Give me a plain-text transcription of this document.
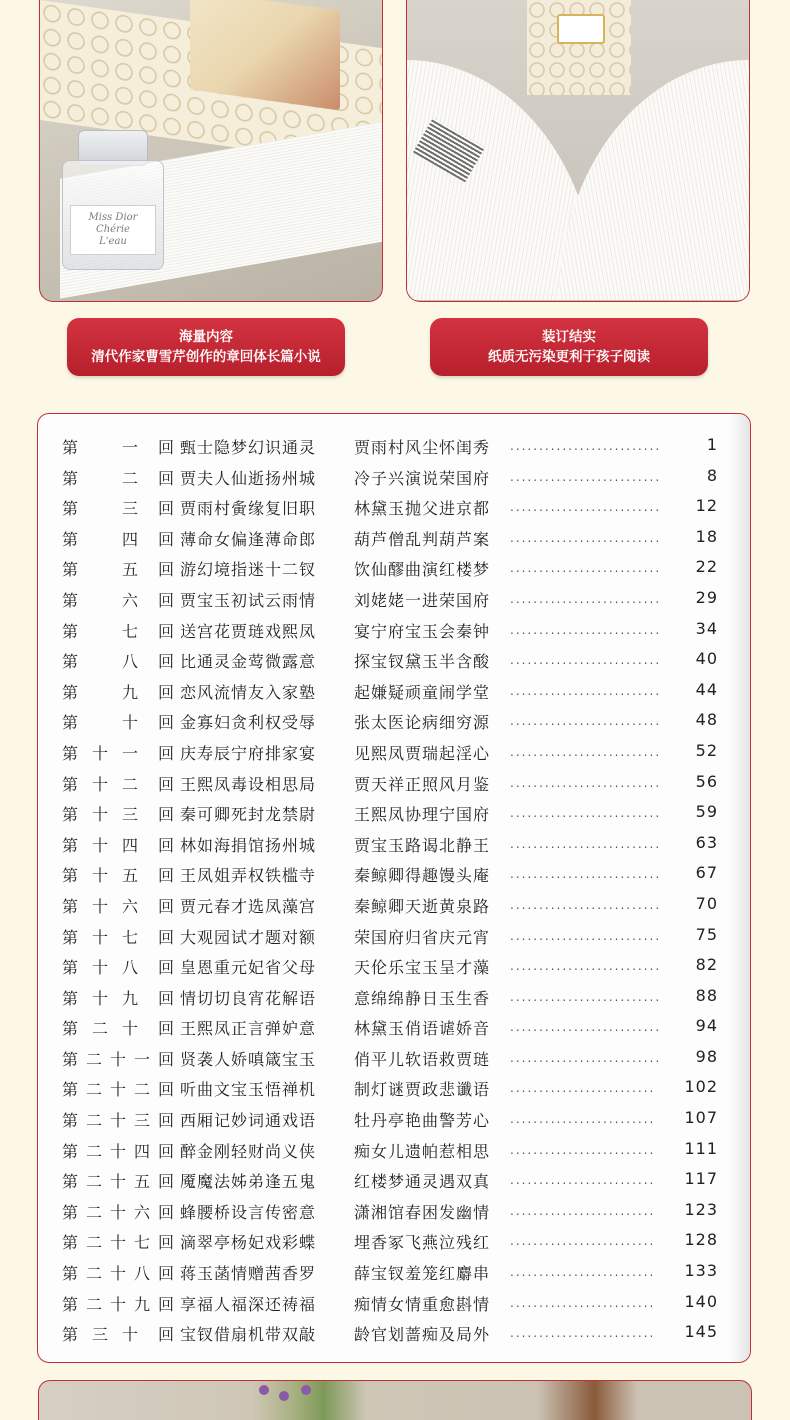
Miss Dior
Chérie
L'eau
海量内容
清代作家曹雪芹创作的章回体长篇小说
装订结实
纸质无污染更利于孩子阅读
第	一 回 甄士隐梦幻识通灵 贾雨村风尘怀闺秀 ..........................	1
第	二 回 贾夫人仙逝扬州城 冷子兴演说荣国府 ..........................	8
第	三 回 贾雨村夤缘复旧职 林黛玉抛父进京都 .......................... 12
第	四 回 薄命女偏逢薄命郎 葫芦僧乱判葫芦案 .......................... 18
第	五 回 游幻境指迷十二钗 饮仙醪曲演红楼梦 .......................... 22
第	六 回 贾宝玉初试云雨情 刘姥姥一进荣国府 .......................... 29
第	七 回 送宫花贾琏戏熙凤 宴宁府宝玉会秦钟 .......................... 34
第	八 回 比通灵金莺微露意 探宝钗黛玉半含酸 .......................... 40
第	九 回 恋风流情友入家塾 起嫌疑顽童闹学堂 .......................... 44
第	十 回 金寡妇贪利权受辱 张太医论病细穷源 .......................... 48
第 十 一 回 庆寿辰宁府排家宴 见熙凤贾瑞起淫心 .......................... 52
第 十 二 回 王熙凤毒设相思局 贾天祥正照风月鉴 .......................... 56
第 十 三 回 秦可卿死封龙禁尉 王熙凤协理宁国府 .......................... 59
第 十 四 回 林如海捐馆扬州城 贾宝玉路谒北静王 .......................... 63
第 十 五 回 王凤姐弄权铁槛寺 秦鲸卿得趣馒头庵 .......................... 67
第 十 六 回 贾元春才选凤藻宫 秦鲸卿天逝黄泉路 .......................... 70
第 十 七 回 大观园试才题对额 荣国府归省庆元宵 .......................... 75
第 十 八 回 皇恩重元妃省父母 天伦乐宝玉呈才藻 .......................... 82
第 十 九 回 情切切良宵花解语 意绵绵静日玉生香 .......................... 88
第 二 十 回 王熙凤正言弹妒意 林黛玉俏语谑娇音 .......................... 94
第 二 十 一 回 贤袭人娇嗔箴宝玉 俏平儿软语救贾琏 .......................... 98
第 二 十 二 回 听曲文宝玉悟禅机 制灯谜贾政悲谶语 ......................... 102
第 二 十 三 回 西厢记妙词通戏语 牡丹亭艳曲警芳心 ......................... 107
第 二 十 四 回 醉金刚轻财尚义侠 痴女儿遗帕惹相思 ......................... 111
第 二 十 五 回 魇魔法姊弟逢五鬼 红楼梦通灵遇双真 ......................... 117
第 二 十 六 回 蜂腰桥设言传密意 潇湘馆春困发幽情 ......................... 123
第 二 十 七 回 滴翠亭杨妃戏彩蝶 埋香冢飞燕泣残红 ......................... 128
第 二 十 八 回 蒋玉菡情赠茜香罗 薛宝钗羞笼红麝串 ......................... 133
第 二 十 九 回 享福人福深还祷福 痴情女情重愈斟情 ......................... 140
第 三 十 回 宝钗借扇机带双敲 龄官划蔷痴及局外 ......................... 145
